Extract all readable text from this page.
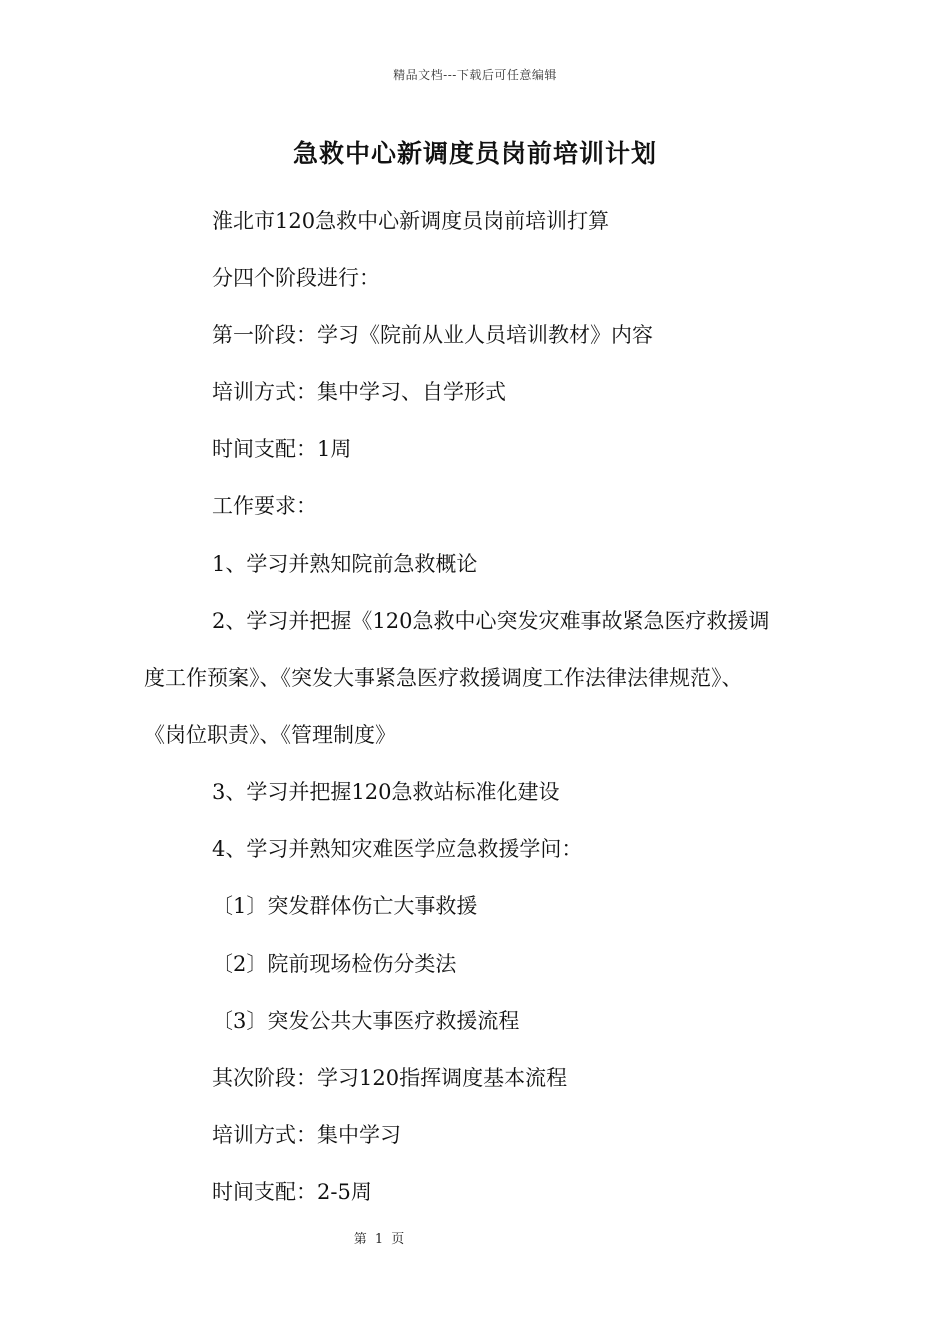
精品文档---下载后可任意编辑
急救中心新调度员岗前培训计划
淮北市120急救中心新调度员岗前培训打算
分四个阶段进行：
第一阶段：学习《院前从业人员培训教材》内容
培训方式：集中学习、自学形式
时间支配：1周
工作要求：
1、学习并熟知院前急救概论
2、学习并把握《120急救中心突发灾难事故紧急医疗救援调
度工作预案》、《突发大事紧急医疗救援调度工作法律法律规范》、
《岗位职责》、《管理制度》
3、学习并把握120急救站标准化建设
4、学习并熟知灾难医学应急救援学问：
〔1〕突发群体伤亡大事救援
〔2〕院前现场检伤分类法
〔3〕突发公共大事医疗救援流程
其次阶段：学习120指挥调度基本流程
培训方式：集中学习
时间支配：2-5周
第 1 页
